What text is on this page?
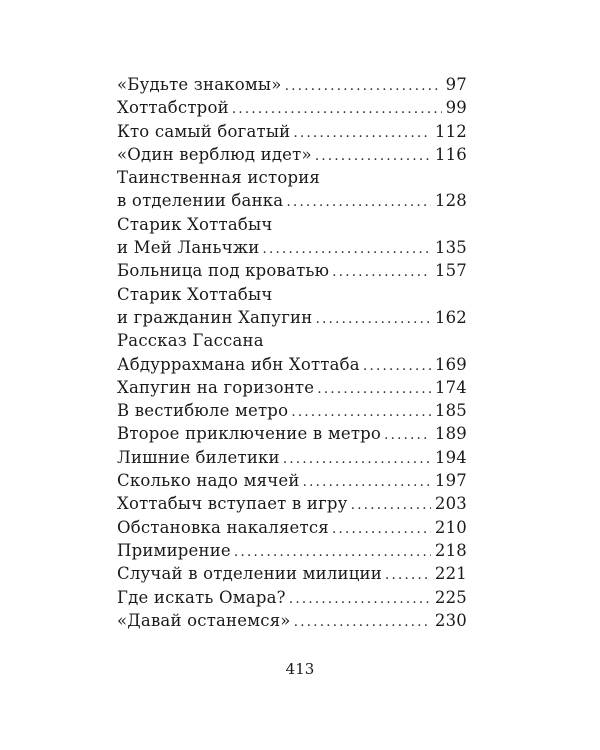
«Будьте знакомы» . . .	97
Хоттабстрой . . .	99
Кто самый богатый . . .	112
«Один верблюд идет» . . .	116
Таинственная история
в отделении банка . . .	128
Старик Хоттабыч
и Мей Ланьчжи . . .	135
Больница под кроватью . . .	157
Старик Хоттабыч
и гражданин Хапугин . . .	162
Рассказ Гассана
Абдуррахмана ибн Хоттаба . . .	169
Хапугин на горизонте . . .	174
В вестибюле метро . . .	185
Второе приключение в метро . . .	189
Лишние билетики . . .	194
Сколько надо мячей . . .	197
Хоттабыч вступает в игру . . .	203
Обстановка накаляется . . .	210
Примирение . . .	218
Случай в отделении милиции . . .	221
Где искать Омара? . . .	225
«Давай останемся» . . .	230
413
